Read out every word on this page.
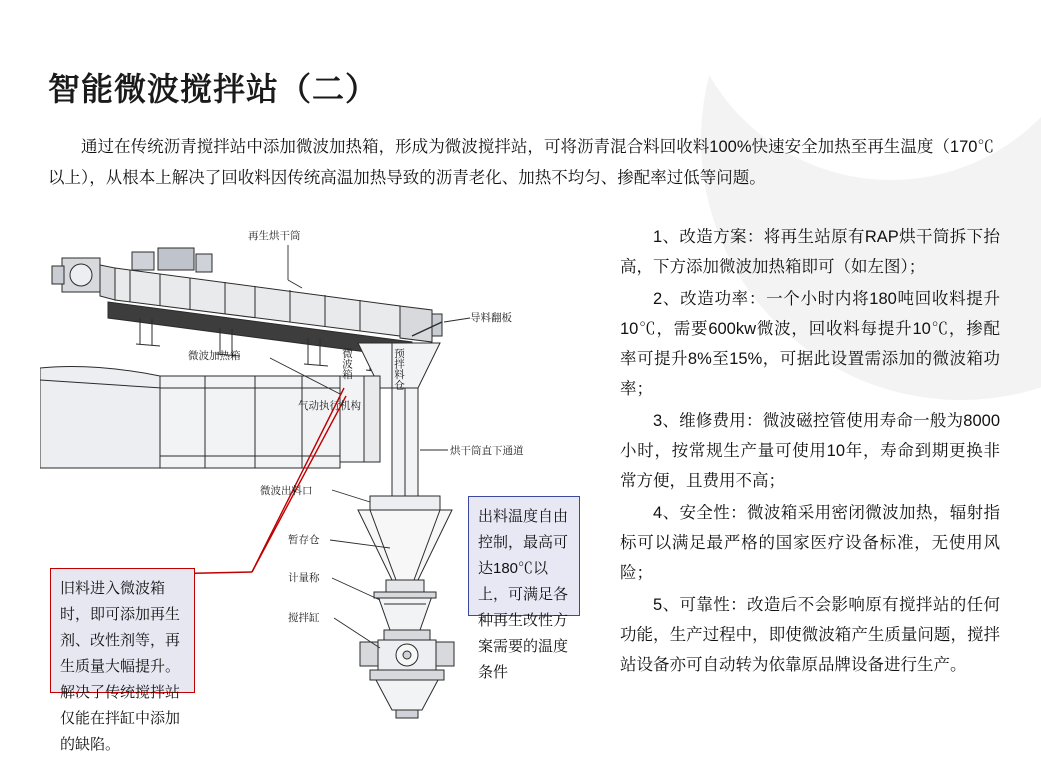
智能微波搅拌站（二）
通过在传统沥青搅拌站中添加微波加热箱，形成为微波搅拌站，可将沥青混合料回收料100%快速安全加热至再生温度（170℃以上），从根本上解决了回收料因传统高温加热导致的沥青老化、加热不均匀、掺配率过低等问题。

1、改造方案：将再生站原有RAP烘干筒拆下抬高，下方添加微波加热箱即可（如左图）；

2、改造功率：一个小时内将180吨回收料提升10℃，需要600kw微波，回收料每提升10℃，掺配率可提升8%至15%，可据此设置需添加的微波箱功率；

3、维修费用：微波磁控管使用寿命一般为8000小时，按常规生产量可使用10年，寿命到期更换非常方便，且费用不高；

4、安全性：微波箱采用密闭微波加热，辐射指标可以满足最严格的国家医疗设备标准，无使用风险；

5、可靠性：改造后不会影响原有搅拌站的任何功能，生产过程中，即使微波箱产生质量问题，搅拌站设备亦可自动转为依靠原品牌设备进行生产。

再生烘干筒
导料翻板
微波加热箱	微波箱	预拌料仓
气动执行机构
烘干筒直下通道
微波出料口
暂存仓
计量称
搅拌缸
旧料进入微波箱时，即可添加再生剂、改性剂等，再生质量大幅提升。解决了传统搅拌站仅能在拌缸中添加的缺陷。
出料温度自由控制，最高可达180℃以上，可满足各种再生改性方案需要的温度条件
